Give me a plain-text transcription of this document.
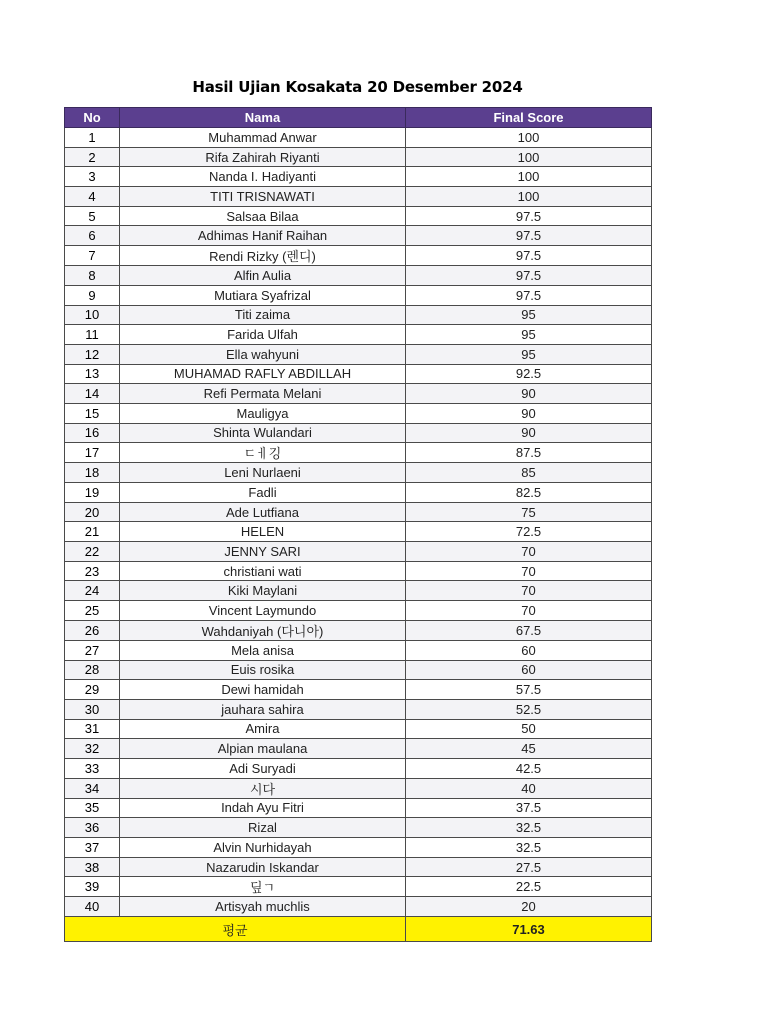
Hasil Ujian Kosakata 20 Desember 2024
No	Nama	Final Score
1	Muhammad Anwar	100
2	Rifa Zahirah Riyanti	100
3	Nanda I. Hadiyanti	100
4	TITI TRISNAWATI	100
5	Salsaa Bilaa	97.5
6	Adhimas Hanif Raihan	97.5
7	Rendi Rizky (렌디)	97.5
8	Alfin Aulia	97.5
9	Mutiara Syafrizal	97.5
10	Titi zaima	95
11	Farida Ulfah	95
12	Ella wahyuni	95
13	MUHAMAD RAFLY ABDILLAH	92.5
14	Refi Permata Melani	90
15	Mauligya	90
16	Shinta Wulandari	90
17	ㄷㅔ깅	87.5
18	Leni Nurlaeni	85
19	Fadli	82.5
20	Ade Lutfiana	75
21	HELEN	72.5
22	JENNY SARI	70
23	christiani wati	70
24	Kiki Maylani	70
25	Vincent Laymundo	70
26	Wahdaniyah (다니아)	67.5
27	Mela anisa	60
28	Euis rosika	60
29	Dewi hamidah	57.5
30	jauhara sahira	52.5
31	Amira	50
32	Alpian maulana	45
33	Adi Suryadi	42.5
34	시다	40
35	Indah Ayu Fitri	37.5
36	Rizal	32.5
37	Alvin Nurhidayah	32.5
38	Nazarudin Iskandar	27.5
39	딮ㄱ	22.5
40	Artisyah muchlis	20
평균		71.63
